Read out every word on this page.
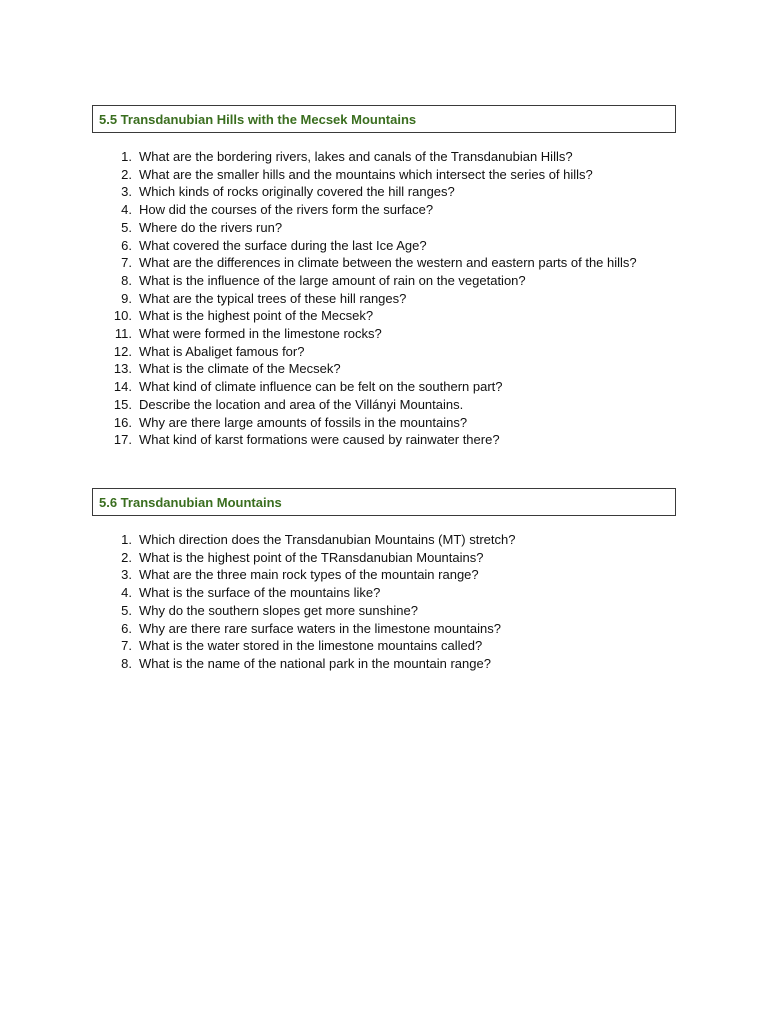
5.5 Transdanubian Hills with the Mecsek Mountains
1. What are the bordering rivers, lakes and canals of the Transdanubian Hills?
2. What are the smaller hills and the mountains which intersect the series of hills?
3. Which kinds of rocks originally covered the hill ranges?
4. How did the courses of the rivers form the surface?
5. Where do the rivers run?
6. What covered the surface during the last Ice Age?
7. What are the differences in climate between the western and eastern parts of the hills?
8. What is the influence of the large amount of rain on the vegetation?
9. What are the typical trees of these hill ranges?
10. What is the highest point of the Mecsek?
11. What were formed in the limestone rocks?
12. What is Abaliget famous for?
13. What is the climate of the Mecsek?
14. What kind of climate influence can be felt on the southern part?
15. Describe the location and area of the Villányi Mountains.
16. Why are there large amounts of fossils in the mountains?
17. What kind of karst formations were caused by rainwater there?
5.6 Transdanubian Mountains
1. Which direction does the Transdanubian Mountains (MT) stretch?
2. What is the highest point of the TRansdanubian Mountains?
3. What are the three main rock types of the mountain range?
4. What is the surface of the mountains like?
5. Why do the southern slopes get more sunshine?
6. Why are there rare surface waters in the limestone mountains?
7. What is the water stored in the limestone mountains called?
8. What is the name of the national park in the mountain range?
